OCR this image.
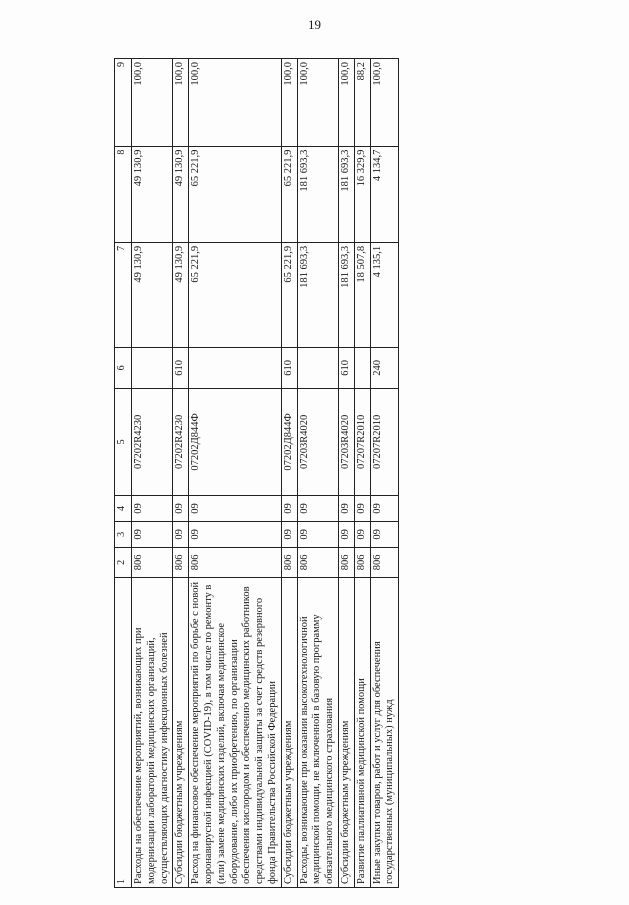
19
1	2	3	4	5	6	7	8	9
Расходы на обеспечение мероприятий, возникающих при модернизации лабораторий медицинских организаций, осуществляющих диагностику инфекционных болезней	806	09	09	07202R4230		49 130,9	49 130,9	100,0
Субсидии бюджетным учреждениям	806	09	09	07202R4230	610	49 130,9	49 130,9	100,0
Расход на финансовое обеспечение мероприятий по борьбе с новой коронавирусной инфекцией (COVID-19), в том числе по ремонту в (или) замене медицинских изделий, включая медицинское оборудование, либо их приобретению, по организации обеспечения кислородом и обеспечению медицинских работников средствами индивидуальной защиты за счет средств резервного фонда Правительства Российской Федерации	806	09	09	07202Д844Ф		65 221,9	65 221,9	100,0
Субсидии бюджетным учреждениям	806	09	09	07202Д844Ф	610	65 221,9	65 221,9	100,0
Расходы, возникающие при оказании высокотехнологичной медицинской помощи, не включенной в базовую программу обязательного медицинского страхования	806	09	09	07203R4020		181 693,3	181 693,3	100,0
Субсидии бюджетным учреждениям	806	09	09	07203R4020	610	181 693,3	181 693,3	100,0
Развитие паллиативной медицинской помощи	806	09	09	07207R2010		18 507,8	16 329,9	88,2
Иные закупки товаров, работ и услуг для обеспечения государственных (муниципальных) нужд	806	09	09	07207R2010	240	4 135,1	4 134,7	100,0
